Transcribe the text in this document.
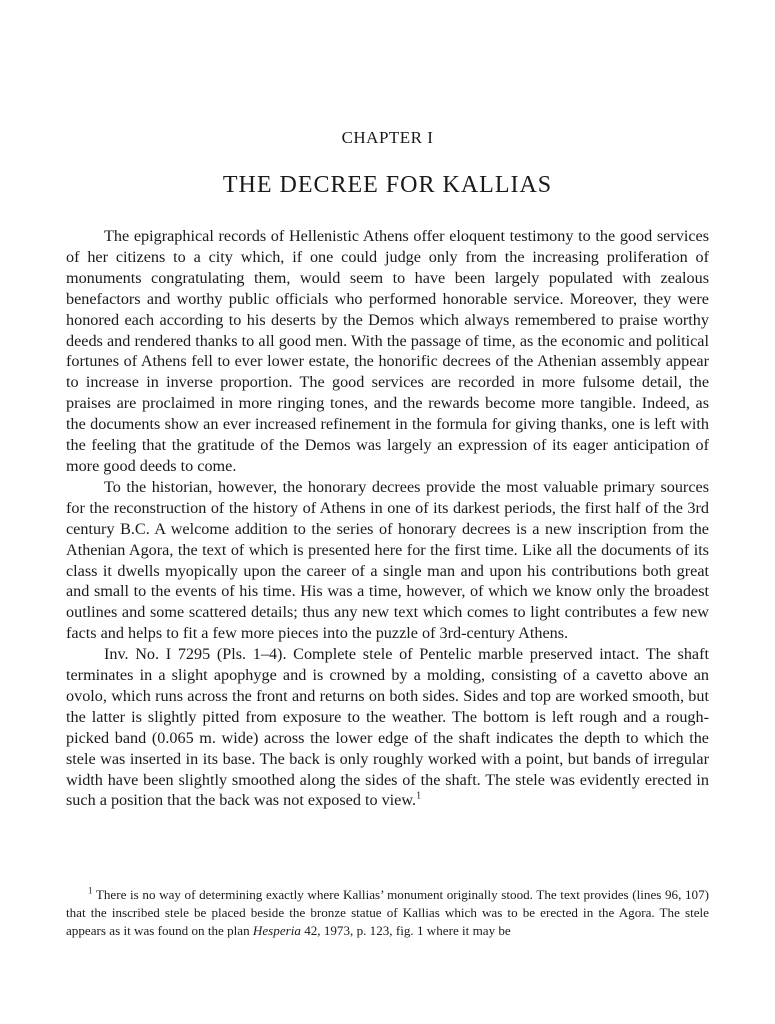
CHAPTER I
THE DECREE FOR KALLIAS

The epigraphical records of Hellenistic Athens offer eloquent testimony to the good services of her citizens to a city which, if one could judge only from the increasing proliferation of monuments congratulating them, would seem to have been largely populated with zealous benefactors and worthy public officials who performed honorable service. Moreover, they were honored each according to his deserts by the Demos which always remembered to praise worthy deeds and rendered thanks to all good men. With the passage of time, as the economic and political fortunes of Athens fell to ever lower estate, the honorific decrees of the Athenian assembly appear to increase in inverse proportion. The good services are recorded in more fulsome detail, the praises are proclaimed in more ringing tones, and the rewards become more tangible. Indeed, as the documents show an ever increased refinement in the formula for giving thanks, one is left with the feeling that the gratitude of the Demos was largely an expression of its eager anticipation of more good deeds to come.

To the historian, however, the honorary decrees provide the most valuable primary sources for the reconstruction of the history of Athens in one of its darkest periods, the first half of the 3rd century B.C. A welcome addition to the series of honorary decrees is a new inscription from the Athenian Agora, the text of which is presented here for the first time. Like all the documents of its class it dwells myopically upon the career of a single man and upon his contributions both great and small to the events of his time. His was a time, however, of which we know only the broadest outlines and some scattered details; thus any new text which comes to light contributes a few new facts and helps to fit a few more pieces into the puzzle of 3rd-century Athens.

Inv. No. I 7295 (Pls. 1–4). Complete stele of Pentelic marble preserved intact. The shaft terminates in a slight apophyge and is crowned by a molding, consisting of a cavetto above an ovolo, which runs across the front and returns on both sides. Sides and top are worked smooth, but the latter is slightly pitted from exposure to the weather. The bottom is left rough and a rough-picked band (0.065 m. wide) across the lower edge of the shaft indicates the depth to which the stele was inserted in its base. The back is only roughly worked with a point, but bands of irregular width have been slightly smoothed along the sides of the shaft. The stele was evidently erected in such a position that the back was not exposed to view.$^1$

$^1$ There is no way of determining exactly where Kallias’ monument originally stood. The text provides (lines 96, 107) that the inscribed stele be placed beside the bronze statue of Kallias which was to be erected in the Agora. The stele appears as it was found on the plan Hesperia 42, 1973, p. 123, fig. 1 where it may be
